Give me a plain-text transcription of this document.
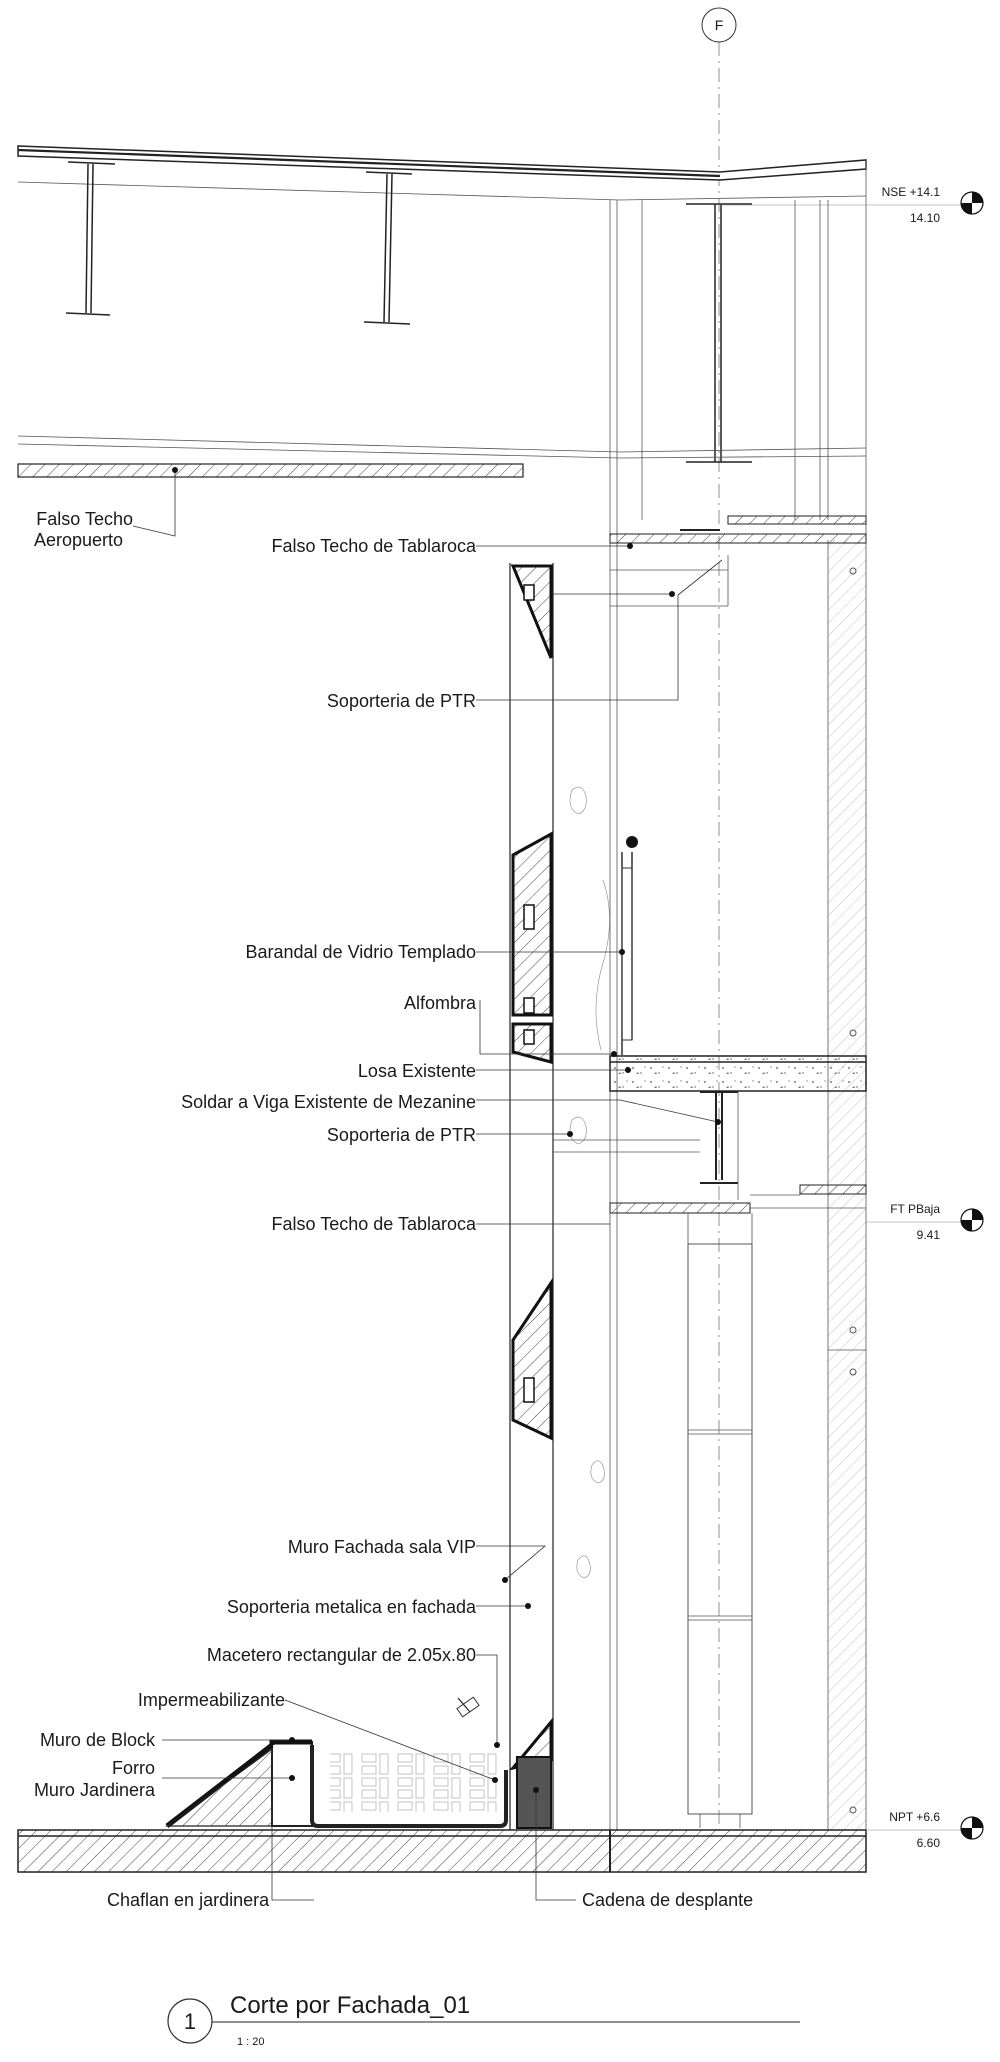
F
NSE +14.1
14.10
FT PBaja
9.41
NPT +6.6
6.60
Falso Techo
Aeropuerto	Falso Techo de Tablaroca
Soporteria de PTR
Barandal de Vidrio Templado
Alfombra
Losa Existente
Soldar a Viga Existente de Mezanine
Soporteria de PTR
Falso Techo de Tablaroca
Muro Fachada sala VIP
Soporteria metalica en fachada
Macetero rectangular de 2.05x.80
Impermeabilizante
Muro de Block
Forro
Muro Jardinera
Chaflan en jardinera	Cadena de desplante
1
Corte por Fachada_01
1 : 20
